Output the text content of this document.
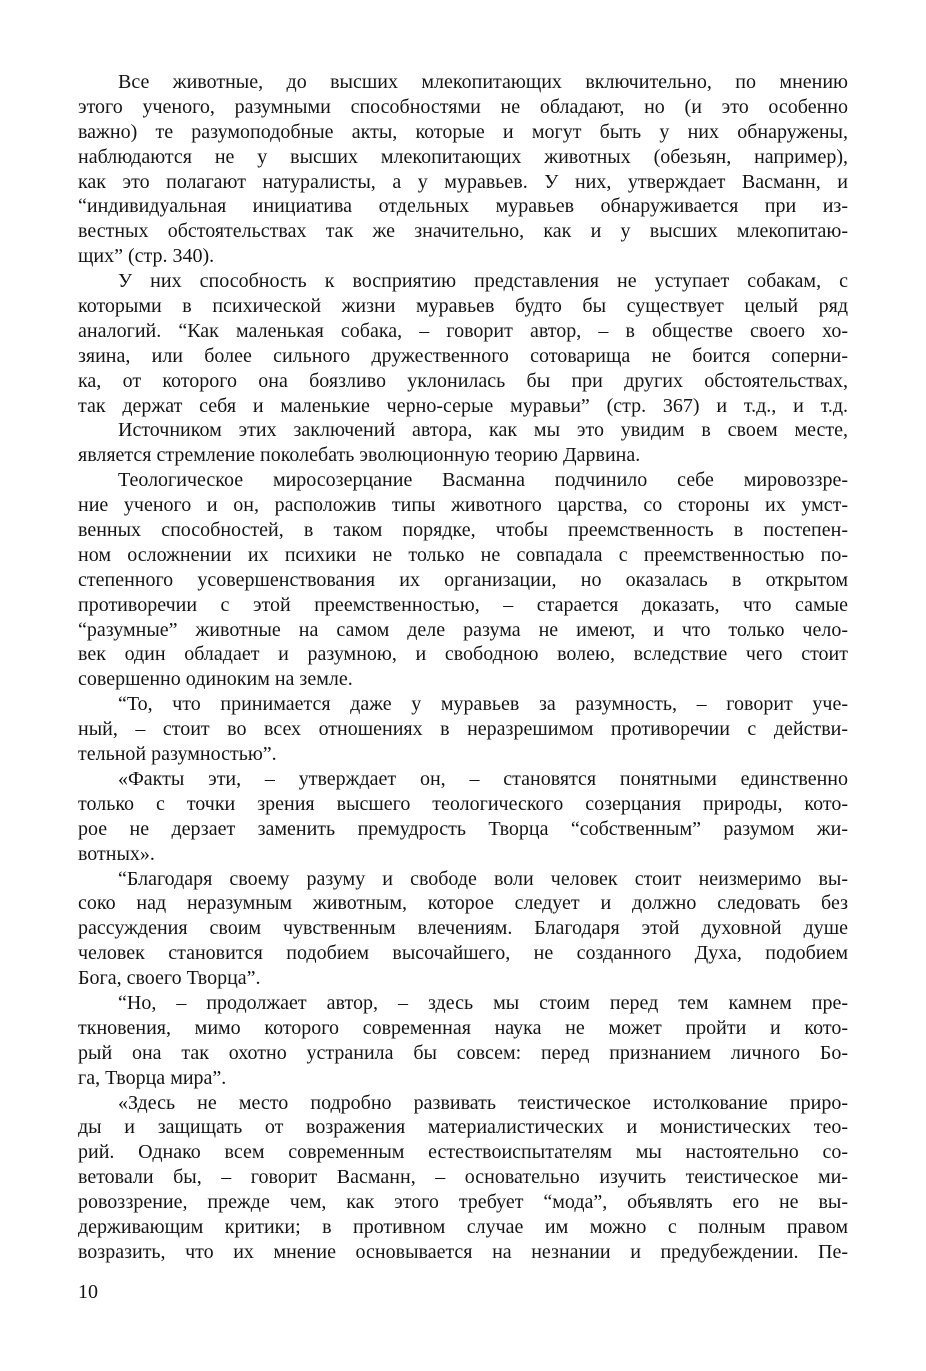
Все животные, до высших млекопитающих включительно, по мнению
этого ученого, разумными способностями не обладают, но (и это особенно
важно) те разумоподобные акты, которые и могут быть у них обнаружены,
наблюдаются не у высших млекопитающих животных (обезьян, например),
как это полагают натуралисты, а у муравьев. У них, утверждает Васманн, и
“индивидуальная инициатива отдельных муравьев обнаруживается при из-
вестных обстоятельствах так же значительно, как и у высших млекопитаю-
щих” (стр. 340).
У них способность к восприятию представления не уступает собакам, с
которыми в психической жизни муравьев будто бы существует целый ряд
аналогий. “Как маленькая собака, – говорит автор, – в обществе своего хо-
зяина, или более сильного дружественного сотоварища не боится соперни-
ка, от которого она боязливо уклонилась бы при других обстоятельствах,
так держат себя и маленькие черно-серые муравьи” (стр. 367) и т.д., и т.д.
Источником этих заключений автора, как мы это увидим в своем месте,
является стремление поколебать эволюционную теорию Дарвина.
Теологическое миросозерцание Васманна подчинило себе мировоззре-
ние ученого и он, расположив типы животного царства, со стороны их умст-
венных способностей, в таком порядке, чтобы преемственность в постепен-
ном осложнении их психики не только не совпадала с преемственностью по-
степенного усовершенствования их организации, но оказалась в открытом
противоречии с этой преемственностью, – старается доказать, что самые
“разумные” животные на самом деле разума не имеют, и что только чело-
век один обладает и разумною, и свободною волею, вследствие чего стоит
совершенно одиноким на земле.
“То, что принимается даже у муравьев за разумность, – говорит уче-
ный, – стоит во всех отношениях в неразрешимом противоречии с действи-
тельной разумностью”.
«Факты эти, – утверждает он, – становятся понятными единственно
только с точки зрения высшего теологического созерцания природы, кото-
рое не дерзает заменить премудрость Творца “собственным” разумом жи-
вотных».
“Благодаря своему разуму и свободе воли человек стоит неизмеримо вы-
соко над неразумным животным, которое следует и должно следовать без
рассуждения своим чувственным влечениям. Благодаря этой духовной душе
человек становится подобием высочайшего, не созданного Духа, подобием
Бога, своего Творца”.
“Но, – продолжает автор, – здесь мы стоим перед тем камнем пре-
ткновения, мимо которого современная наука не может пройти и кото-
рый она так охотно устранила бы совсем: перед признанием личного Бо-
га, Творца мира”.
«Здесь не место подробно развивать теистическое истолкование приро-
ды и защищать от возражения материалистических и монистических тео-
рий. Однако всем современным естествоиспытателям мы настоятельно со-
ветовали бы, – говорит Васманн, – основательно изучить теистическое ми-
ровоззрение, прежде чем, как этого требует “мода”, объявлять его не вы-
держивающим критики; в противном случае им можно с полным правом
возразить, что их мнение основывается на незнании и предубеждении. Пе-
10
